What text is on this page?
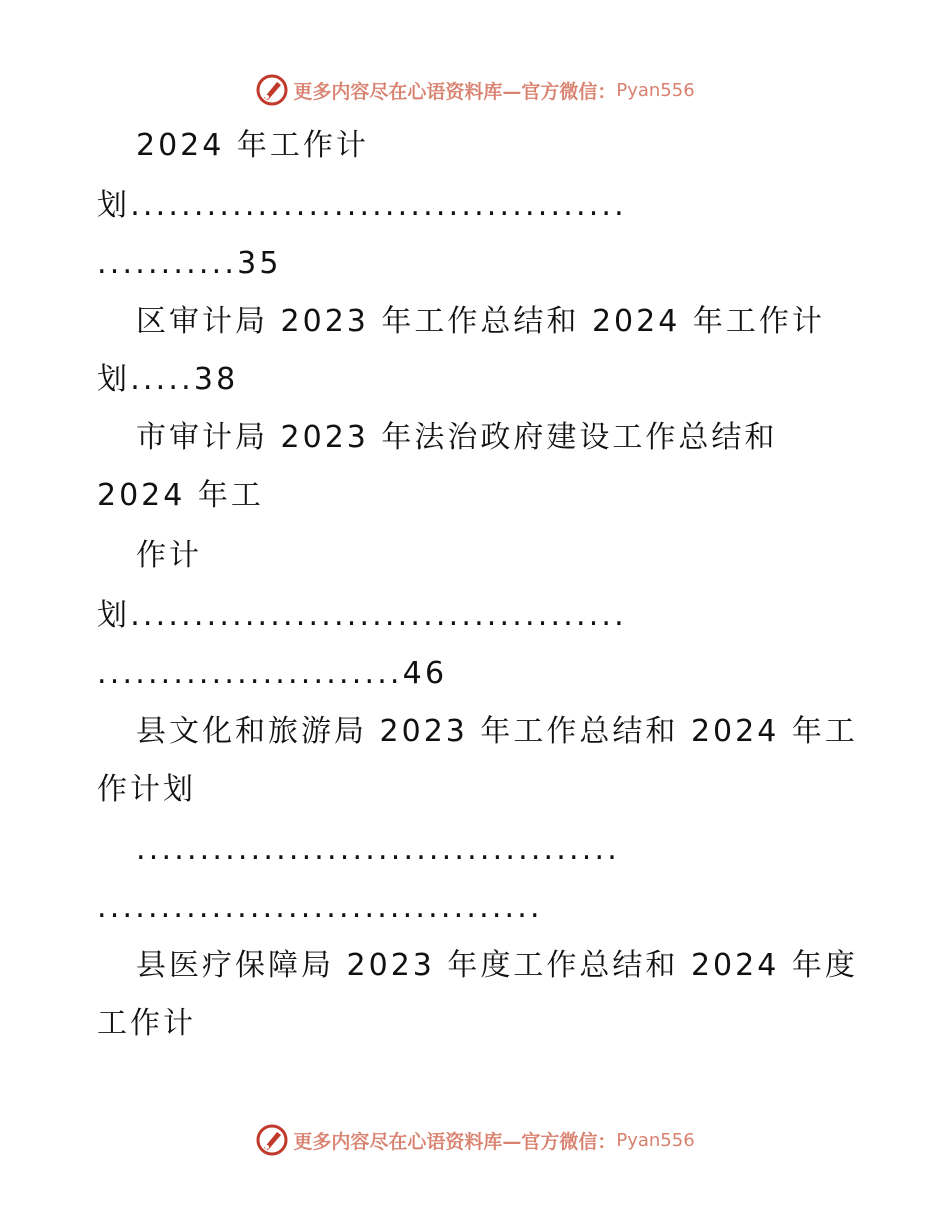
更多内容尽在心语资料库—官方微信： Pyan556
2024 年工作计
划.......................................
...........35
区审计局 2023 年工作总结和 2024 年工作计
划.....38
市审计局 2023 年法治政府建设工作总结和
2024 年工
作计
划.......................................
........................46
县文化和旅游局 2023 年工作总结和 2024 年工
作计划
......................................
...................................
县医疗保障局 2023 年度工作总结和 2024 年度
工作计
更多内容尽在心语资料库—官方微信： Pyan556
